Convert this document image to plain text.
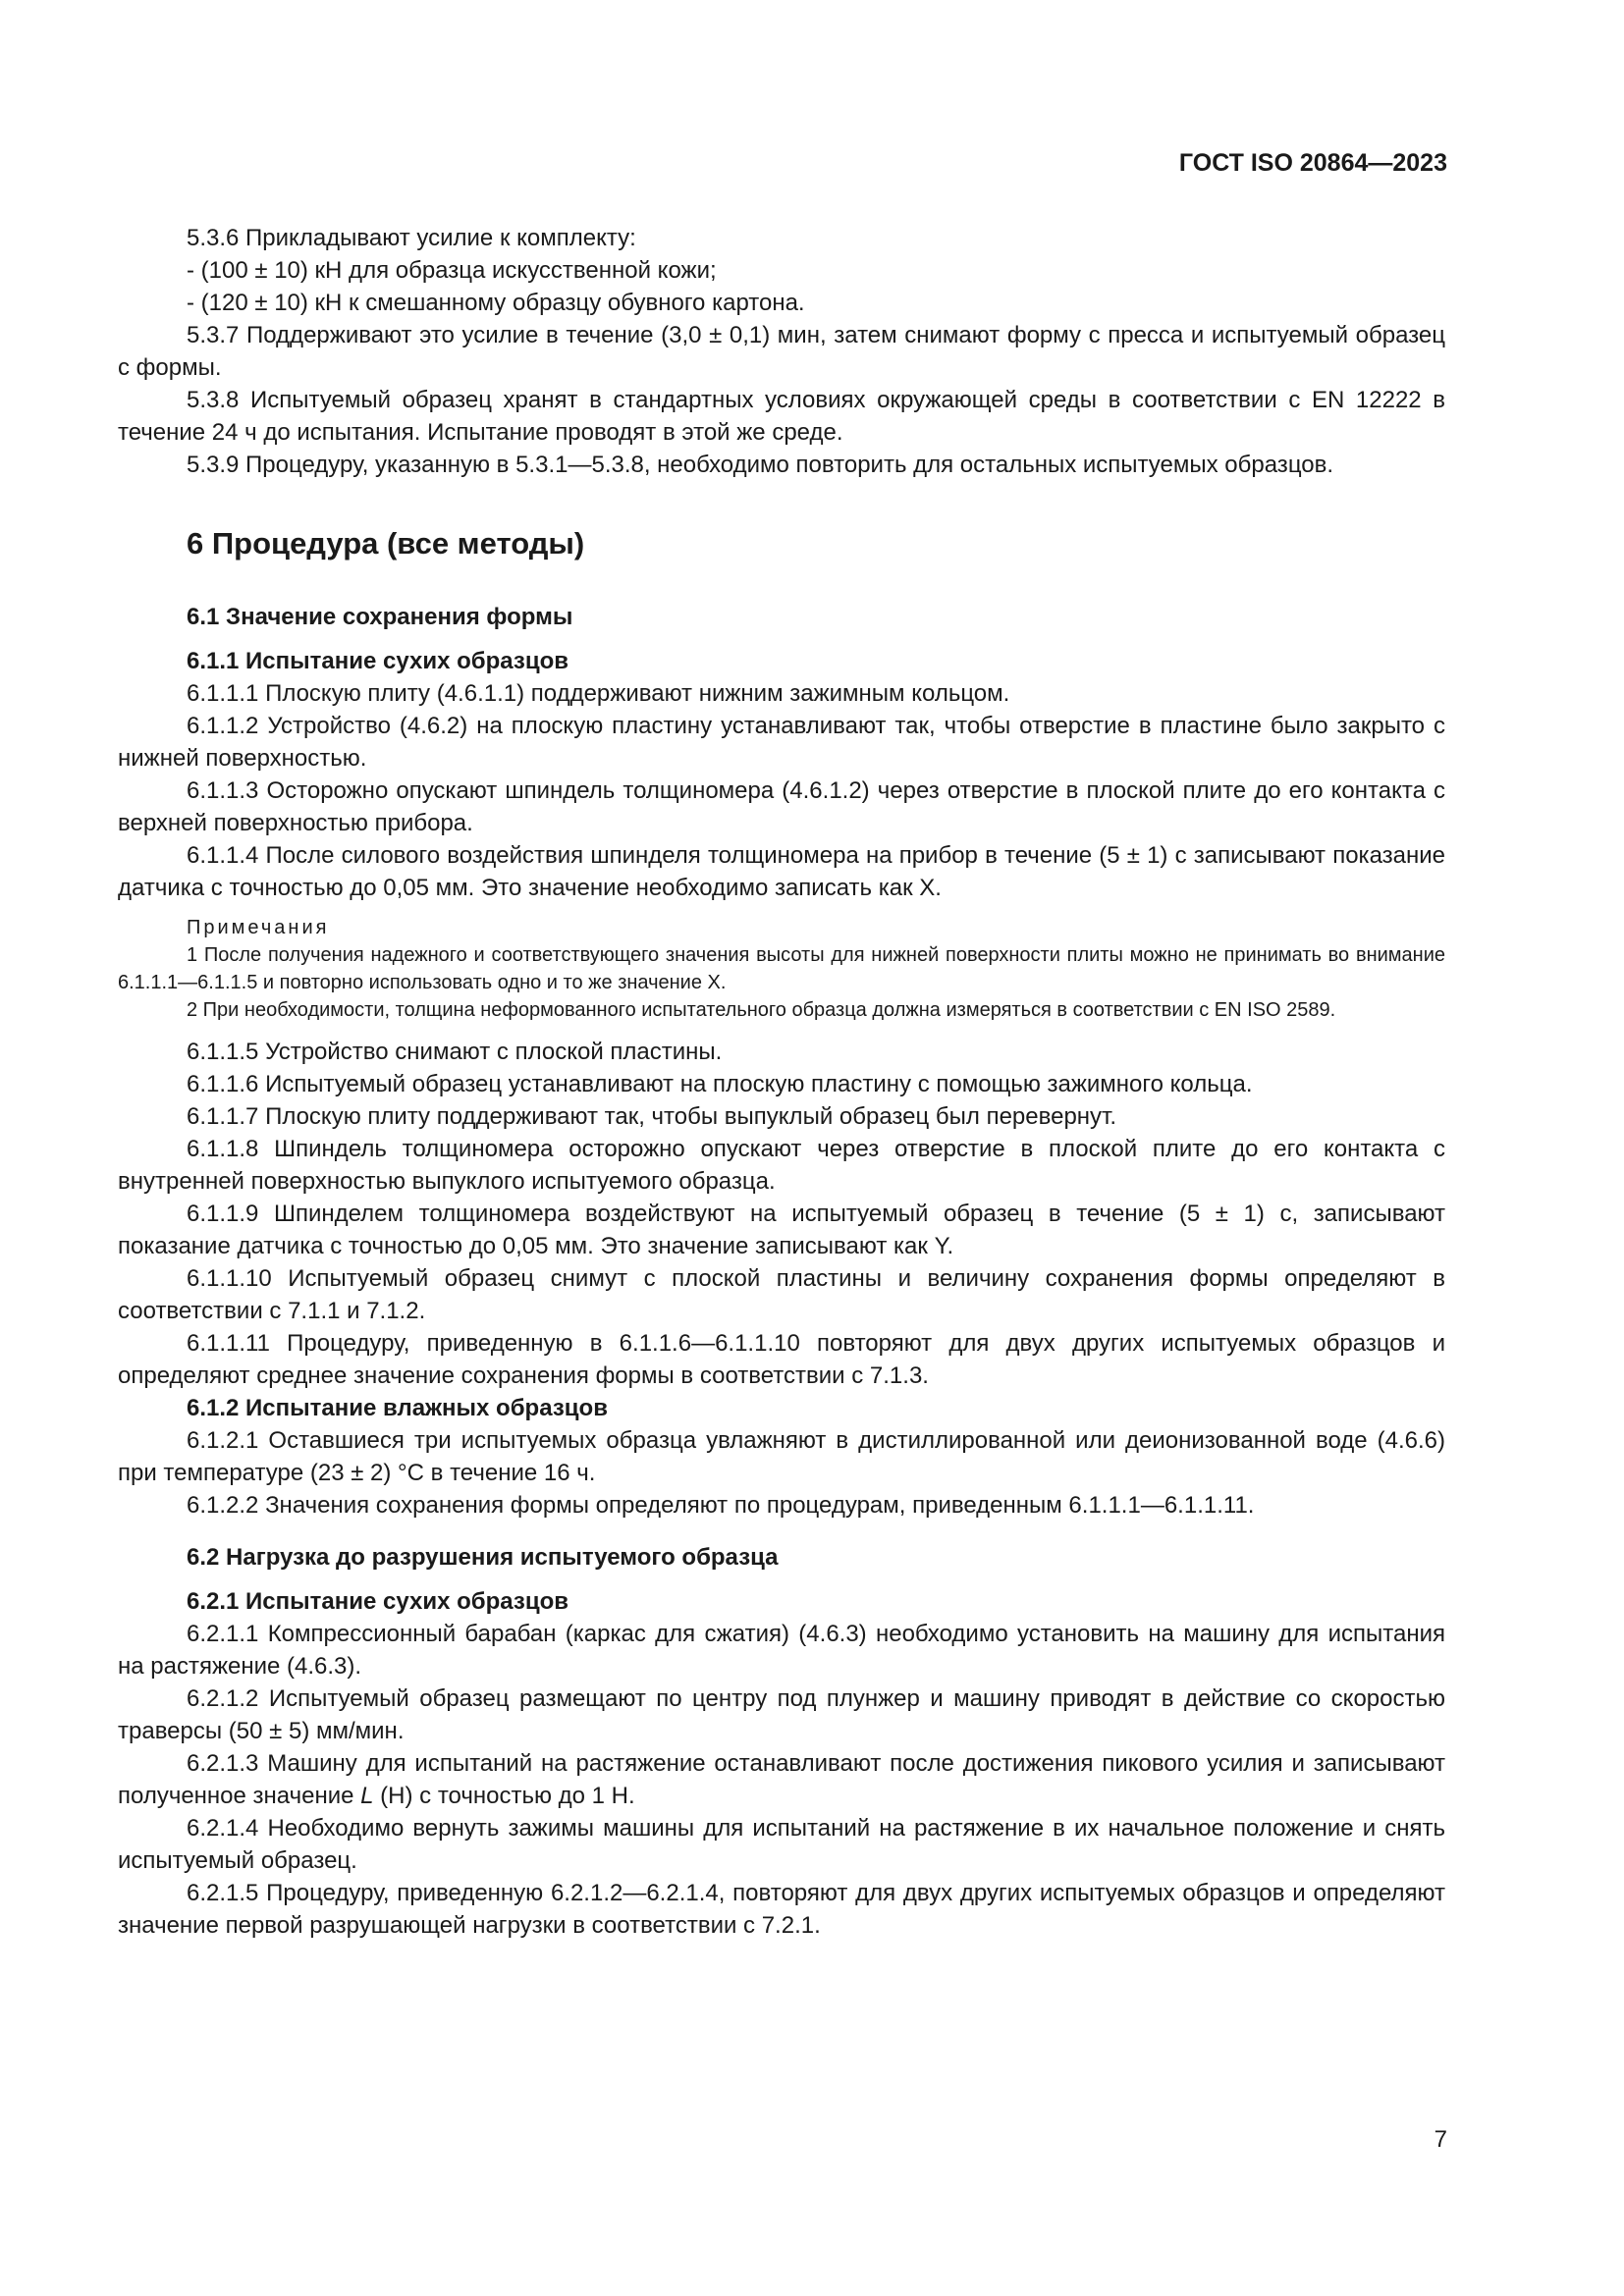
ГОСТ ISO 20864—2023

5.3.6 Прикладывают усилие к комплекту:

- (100 ± 10) кН для образца искусственной кожи;

- (120 ± 10) кН к смешанному образцу обувного картона.

5.3.7 Поддерживают это усилие в течение (3,0 ± 0,1) мин, затем снимают форму с пресса и испытуемый образец с формы.

5.3.8 Испытуемый образец хранят в стандартных условиях окружающей среды в соответствии с EN 12222 в течение 24 ч до испытания. Испытание проводят в этой же среде.

5.3.9 Процедуру, указанную в 5.3.1—5.3.8, необходимо повторить для остальных испытуемых образцов.

6 Процедура (все методы)
6.1 Значение сохранения формы
6.1.1 Испытание сухих образцов

6.1.1.1 Плоскую плиту (4.6.1.1) поддерживают нижним зажимным кольцом.

6.1.1.2 Устройство (4.6.2) на плоскую пластину устанавливают так, чтобы отверстие в пластине было закрыто с нижней поверхностью.

6.1.1.3 Осторожно опускают шпиндель толщиномера (4.6.1.2) через отверстие в плоской плите до его контакта с верхней поверхностью прибора.

6.1.1.4 После силового воздействия шпинделя толщиномера на прибор в течение (5 ± 1) с записывают показание датчика с точностью до 0,05 мм. Это значение необходимо записать как X.

Примечания

1 После получения надежного и соответствующего значения высоты для нижней поверхности плиты можно не принимать во внимание 6.1.1.1—6.1.1.5 и повторно использовать одно и то же значение X.

2 При необходимости, толщина неформованного испытательного образца должна измеряться в соответствии с EN ISO 2589.

6.1.1.5 Устройство снимают с плоской пластины.

6.1.1.6 Испытуемый образец устанавливают на плоскую пластину с помощью зажимного кольца.

6.1.1.7 Плоскую плиту поддерживают так, чтобы выпуклый образец был перевернут.

6.1.1.8 Шпиндель толщиномера осторожно опускают через отверстие в плоской плите до его контакта с внутренней поверхностью выпуклого испытуемого образца.

6.1.1.9 Шпинделем толщиномера воздействуют на испытуемый образец в течение (5 ± 1) с, записывают показание датчика с точностью до 0,05 мм. Это значение записывают как Y.

6.1.1.10 Испытуемый образец снимут с плоской пластины и величину сохранения формы определяют в соответствии с 7.1.1 и 7.1.2.

6.1.1.11 Процедуру, приведенную в 6.1.1.6—6.1.1.10 повторяют для двух других испытуемых образцов и определяют среднее значение сохранения формы в соответствии с 7.1.3.

6.1.2 Испытание влажных образцов

6.1.2.1 Оставшиеся три испытуемых образца увлажняют в дистиллированной или деионизованной воде (4.6.6) при температуре (23 ± 2) °С в течение 16 ч.

6.1.2.2 Значения сохранения формы определяют по процедурам, приведенным 6.1.1.1—6.1.1.11.

6.2 Нагрузка до разрушения испытуемого образца
6.2.1 Испытание сухих образцов

6.2.1.1 Компрессионный барабан (каркас для сжатия) (4.6.3) необходимо установить на машину для испытания на растяжение (4.6.3).

6.2.1.2 Испытуемый образец размещают по центру под плунжер и машину приводят в действие со скоростью траверсы (50 ± 5) мм/мин.

6.2.1.3 Машину для испытаний на растяжение останавливают после достижения пикового усилия и записывают полученное значение L (Н) с точностью до 1 Н.

6.2.1.4 Необходимо вернуть зажимы машины для испытаний на растяжение в их начальное положение и снять испытуемый образец.

6.2.1.5 Процедуру, приведенную 6.2.1.2—6.2.1.4, повторяют для двух других испытуемых образцов и определяют значение первой разрушающей нагрузки в соответствии с 7.2.1.

7
